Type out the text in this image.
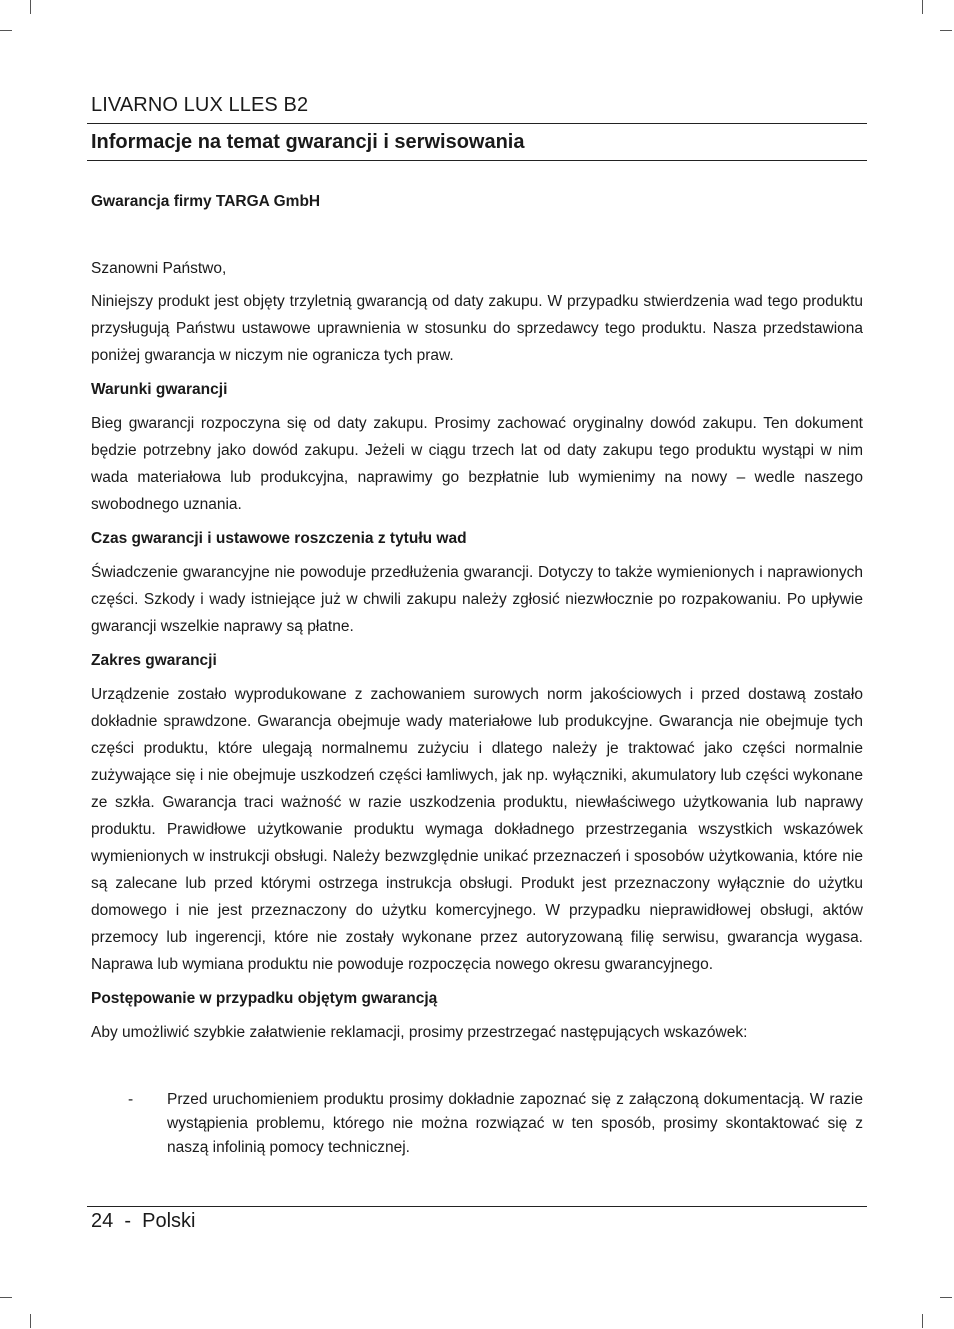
LIVARNO LUX LLES B2
Informacje na temat gwarancji i serwisowania
Gwarancja firmy TARGA GmbH

Szanowni Państwo,

Niniejszy produkt jest objęty trzyletnią gwarancją od daty zakupu. W przypadku stwierdzenia wad tego produktu przysługują Państwu ustawowe uprawnienia w stosunku do sprzedawcy tego produktu. Nasza przedstawiona poniżej gwarancja w niczym nie ogranicza tych praw.

Warunki gwarancji

Bieg gwarancji rozpoczyna się od daty zakupu. Prosimy zachować oryginalny dowód zakupu. Ten dokument będzie potrzebny jako dowód zakupu. Jeżeli w ciągu trzech lat od daty zakupu tego produktu wystąpi w nim wada materiałowa lub produkcyjna, naprawimy go bezpłatnie lub wymienimy na nowy – wedle naszego swobodnego uznania.

Czas gwarancji i ustawowe roszczenia z tytułu wad

Świadczenie gwarancyjne nie powoduje przedłużenia gwarancji. Dotyczy to także wymienionych i naprawionych części. Szkody i wady istniejące już w chwili zakupu należy zgłosić niezwłocznie po rozpakowaniu. Po upływie gwarancji wszelkie naprawy są płatne.

Zakres gwarancji

Urządzenie zostało wyprodukowane z zachowaniem surowych norm jakościowych i przed dostawą zostało dokładnie sprawdzone. Gwarancja obejmuje wady materiałowe lub produkcyjne. Gwarancja nie obejmuje tych części produktu, które ulegają normalnemu zużyciu i dlatego należy je traktować jako części normalnie zużywające się i nie obejmuje uszkodzeń części łamliwych, jak np. wyłączniki, akumulatory lub części wykonane ze szkła. Gwarancja traci ważność w razie uszkodzenia produktu, niewłaściwego użytkowania lub naprawy produktu. Prawidłowe użytkowanie produktu wymaga dokładnego przestrzegania wszystkich wskazówek wymienionych w instrukcji obsługi. Należy bezwzględnie unikać przeznaczeń i sposobów użytkowania, które nie są zalecane lub przed którymi ostrzega instrukcja obsługi. Produkt jest przeznaczony wyłącznie do użytku domowego i nie jest przeznaczony do użytku komercyjnego. W przypadku nieprawidłowej obsługi, aktów przemocy lub ingerencji, które nie zostały wykonane przez autoryzowaną filię serwisu, gwarancja wygasa. Naprawa lub wymiana produktu nie powoduje rozpoczęcia nowego okresu gwarancyjnego.

Postępowanie w przypadku objętym gwarancją

Aby umożliwić szybkie załatwienie reklamacji, prosimy przestrzegać następujących wskazówek:

- Przed uruchomieniem produktu prosimy dokładnie zapoznać się z załączoną dokumentacją. W razie wystąpienia problemu, którego nie można rozwiązać w ten sposób, prosimy skontaktować się z naszą infolinią pomocy technicznej.
24  -  Polski
